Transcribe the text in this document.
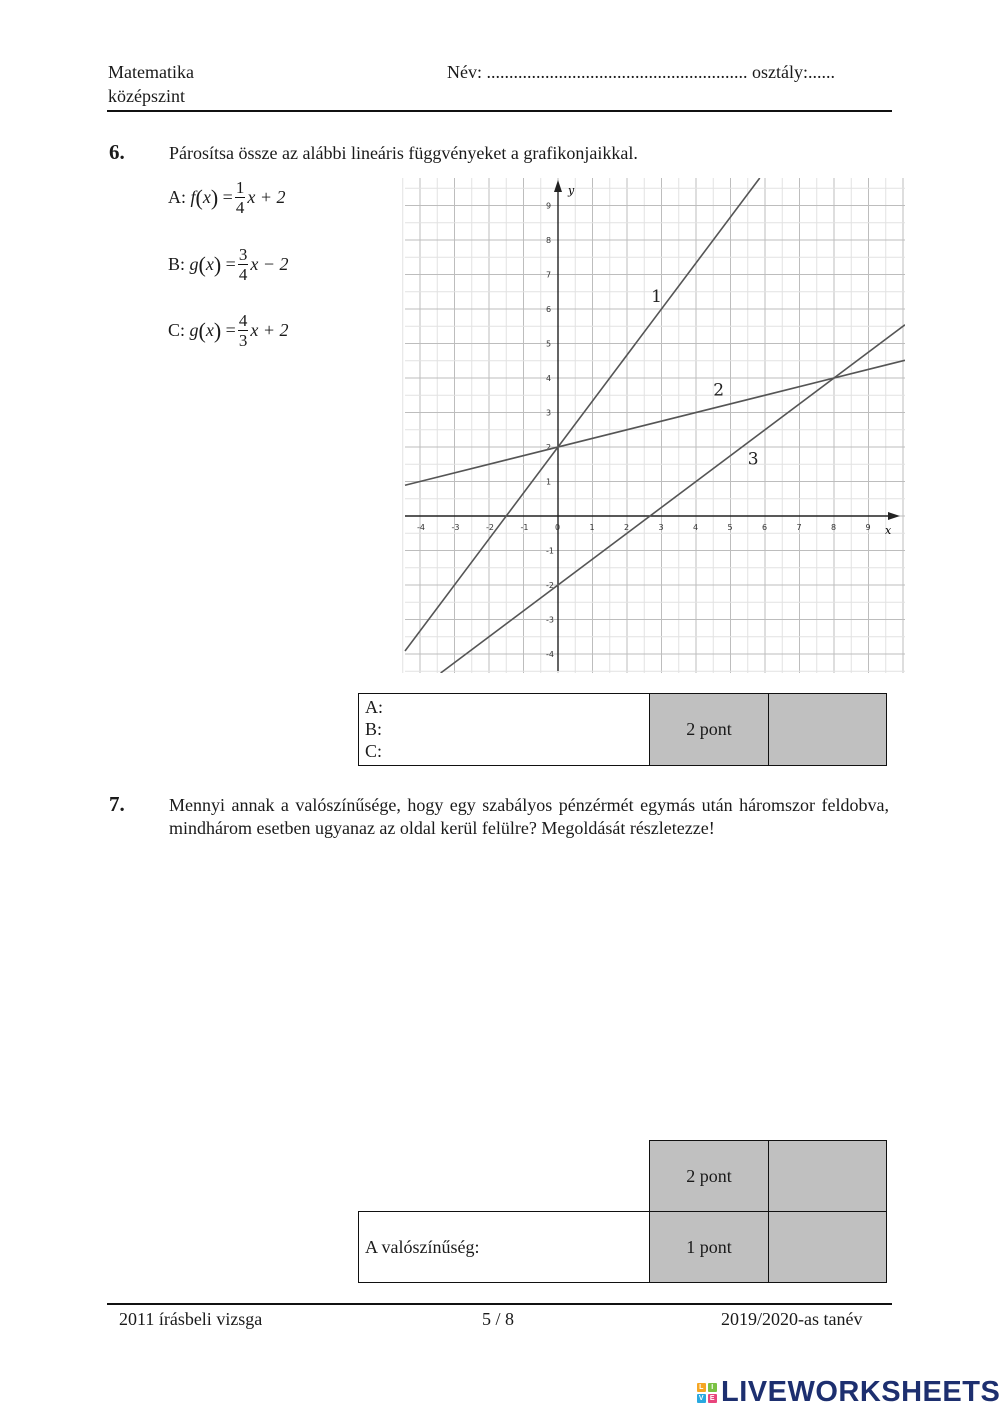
Matematika
középszint
Név: .......................................................... osztály:......
6. Párosítsa össze az alábbi lineáris függvényeket a grafikonjaikkal.
A:
f ( x ) = $\frac{1}{4}$ x + 2
B:
g ( x ) = $\frac{3}{4}$ x − 2
C:
g ( x ) = $\frac{4}{3}$ x + 2
x
y
-4	-3	-2	-1	0	1	2	3	4	5	6	7	8	9
-4
-3
-2
-1
1
2
3
4
5
6
7
8
9
1
2
3
A:
B:
C:
2 pont
7. Mennyi annak a valószínűsége, hogy egy szabályos pénzérmét egymás után háromszor feldobva, mindhárom esetben ugyanaz az oldal kerül felülre? Megoldását részletezze!
2 pont
A valószínűség:	1 pont
2011 írásbeli vizsga	5 / 8	2019/2020-as tanév
L	I
V E LIVEWORKSHEETS
